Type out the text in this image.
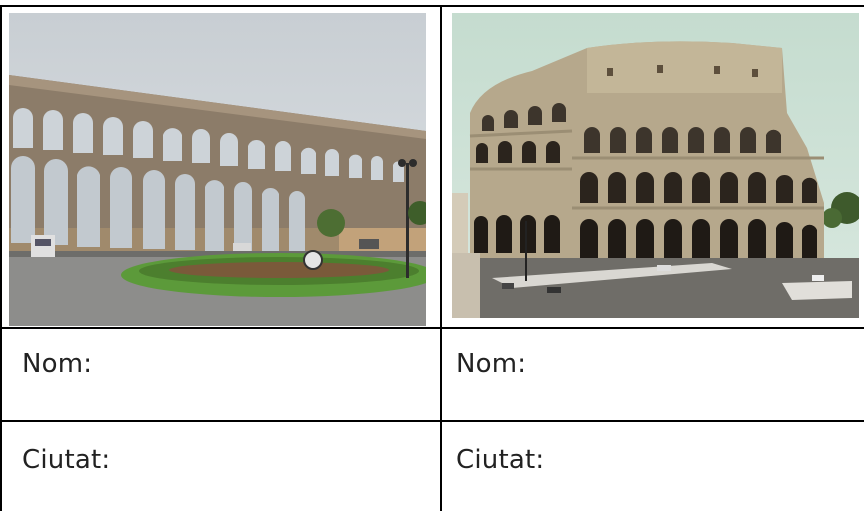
Nom:	Nom:
Ciutat:	Ciutat:
